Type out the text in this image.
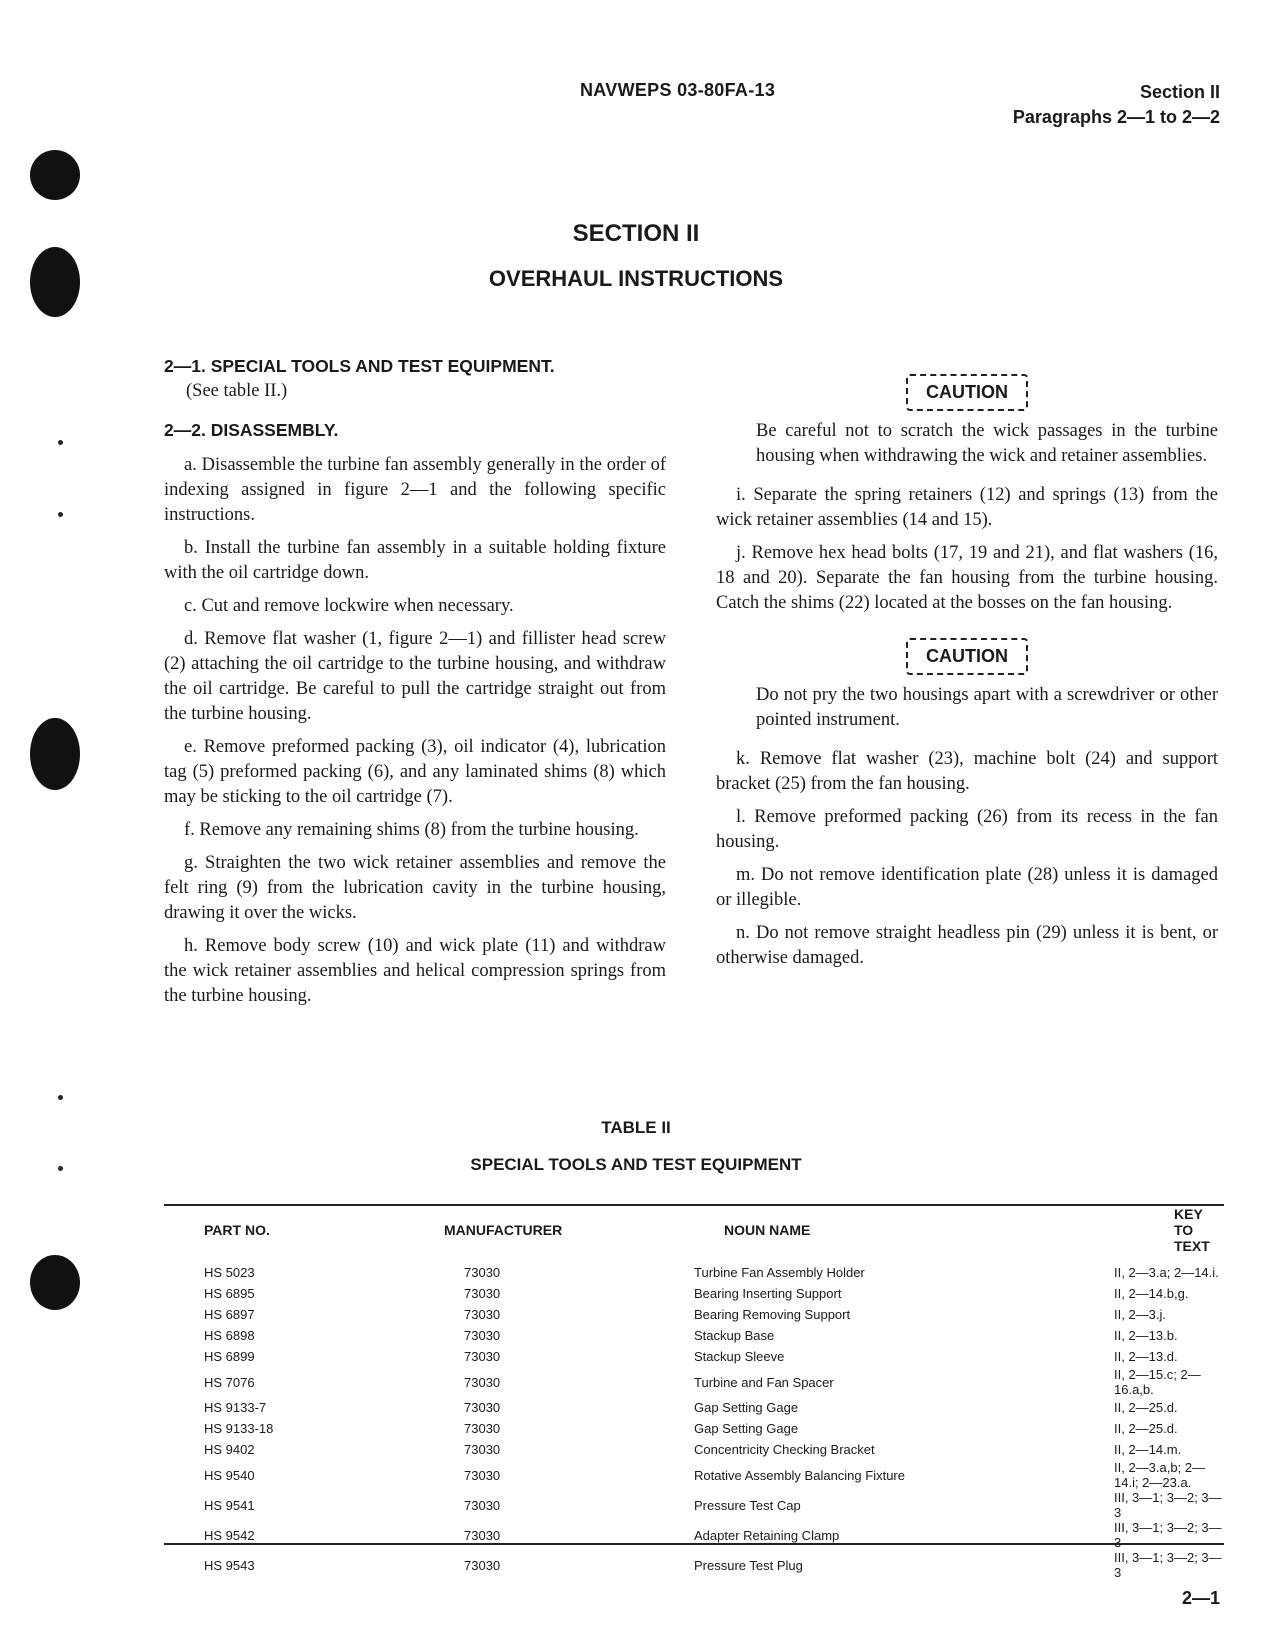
NAVWEPS 03-80FA-13	Section II
Paragraphs 2—1 to 2—2
SECTION II
OVERHAUL INSTRUCTIONS

2—1. SPECIAL TOOLS AND TEST EQUIPMENT.

(See table II.)

2—2. DISASSEMBLY.

a. Disassemble the turbine fan assembly generally in the order of indexing assigned in figure 2—1 and the following specific instructions.

b. Install the turbine fan assembly in a suitable holding fixture with the oil cartridge down.

c. Cut and remove lockwire when necessary.

d. Remove flat washer (1, figure 2—1) and fillister head screw (2) attaching the oil cartridge to the turbine housing, and withdraw the oil cartridge. Be careful to pull the cartridge straight out from the turbine housing.

e. Remove preformed packing (3), oil indicator (4), lubrication tag (5) preformed packing (6), and any laminated shims (8) which may be sticking to the oil cartridge (7).

f. Remove any remaining shims (8) from the turbine housing.

g. Straighten the two wick retainer assemblies and remove the felt ring (9) from the lubrication cavity in the turbine housing, drawing it over the wicks.

h. Remove body screw (10) and wick plate (11) and withdraw the wick retainer assemblies and helical compression springs from the turbine housing.

CAUTION

Be careful not to scratch the wick passages in the turbine housing when withdrawing the wick and retainer assemblies.

i. Separate the spring retainers (12) and springs (13) from the wick retainer assemblies (14 and 15).

j. Remove hex head bolts (17, 19 and 21), and flat washers (16, 18 and 20). Separate the fan housing from the turbine housing. Catch the shims (22) located at the bosses on the fan housing.

CAUTION

Do not pry the two housings apart with a screwdriver or other pointed instrument.

k. Remove flat washer (23), machine bolt (24) and support bracket (25) from the fan housing.

l. Remove preformed packing (26) from its recess in the fan housing.

m. Do not remove identification plate (28) unless it is damaged or illegible.

n. Do not remove straight headless pin (29) unless it is bent, or otherwise damaged.

TABLE II
SPECIAL TOOLS AND TEST EQUIPMENT
PART NO.	MANUFACTURER	NOUN NAME	KEY TO TEXT
HS 5023	73030	Turbine Fan Assembly Holder	II, 2—3.a; 2—14.i.
HS 6895	73030	Bearing Inserting Support	II, 2—14.b,g.
HS 6897	73030	Bearing Removing Support	II, 2—3.j.
HS 6898	73030	Stackup Base	II, 2—13.b.
HS 6899	73030	Stackup Sleeve	II, 2—13.d.
HS 7076	73030	Turbine and Fan Spacer	II, 2—15.c; 2—16.a,b.
HS 9133-7	73030	Gap Setting Gage	II, 2—25.d.
HS 9133-18	73030	Gap Setting Gage	II, 2—25.d.
HS 9402	73030	Concentricity Checking Bracket	II, 2—14.m.
HS 9540	73030	Rotative Assembly Balancing Fixture	II, 2—3.a,b; 2—14.i; 2—23.a.
HS 9541	73030	Pressure Test Cap	III, 3—1; 3—2; 3—3
HS 9542	73030	Adapter Retaining Clamp	III, 3—1; 3—2; 3—
HS 9543	73030	Pressure Test Plug	III, 3—1; 3—2; 3—3
2—1
